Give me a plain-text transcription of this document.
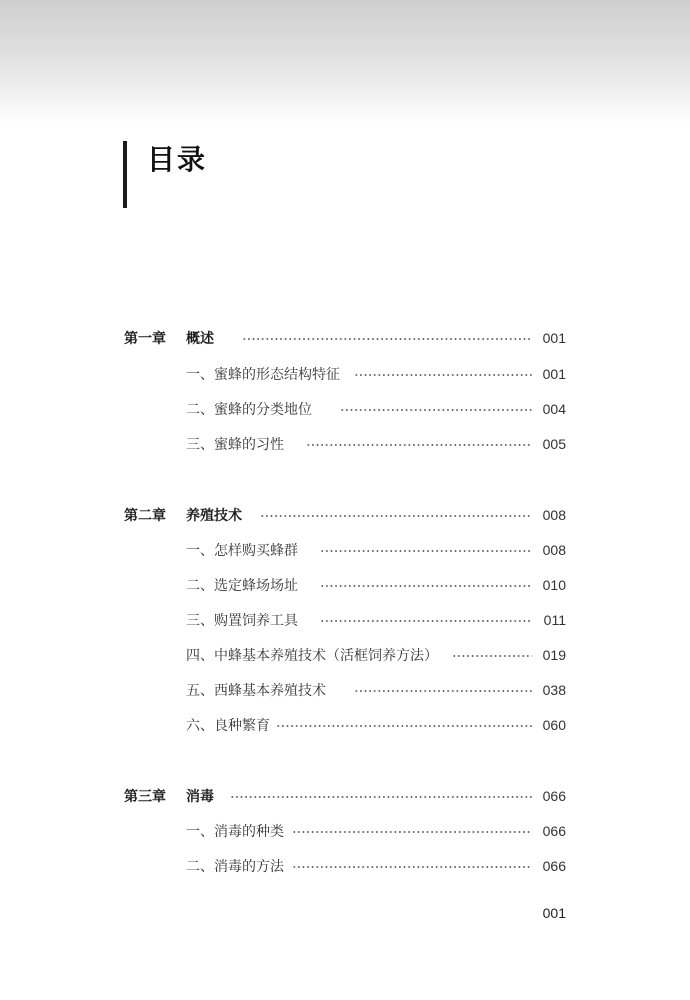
目录
第一章 概述	001
一、蜜蜂的形态结构特征	001
二、蜜蜂的分类地位	004
三、蜜蜂的习性	005
第二章 养殖技术	008
一、怎样购买蜂群	008
二、选定蜂场场址	010
三、购置饲养工具	011
四、中蜂基本养殖技术（活框饲养方法）	019
五、西蜂基本养殖技术	038
六、良种繁育	060
第三章 消毒	066
一、消毒的种类	066
二、消毒的方法	066
001
